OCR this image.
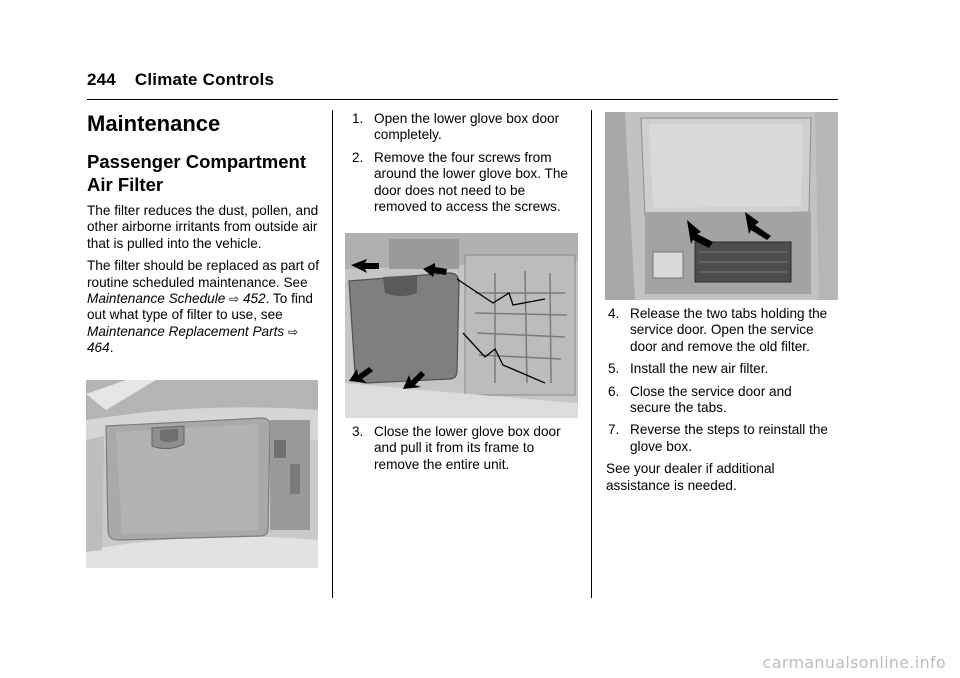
244 Climate Controls
Maintenance
Passenger Compartment
Air Filter

The filter reduces the dust, pollen, and other airborne irritants from outside air that is pulled into the vehicle.

The filter should be replaced as part of routine scheduled maintenance. See Maintenance Schedule ⇨ 452. To find out what type of filter to use, see Maintenance Replacement Parts ⇨ 464.

1. Open the lower glove box door completely.
2. Remove the four screws from around the lower glove box. The door does not need to be removed to access the screws.
3. Close the lower glove box door and pull it from its frame to remove the entire unit.
4. Release the two tabs holding the service door. Open the service door and remove the old filter.
5. Install the new air filter.
6. Close the service door and secure the tabs.
7. Reverse the steps to reinstall the glove box.

See your dealer if additional assistance is needed.

carmanualsonline.info
